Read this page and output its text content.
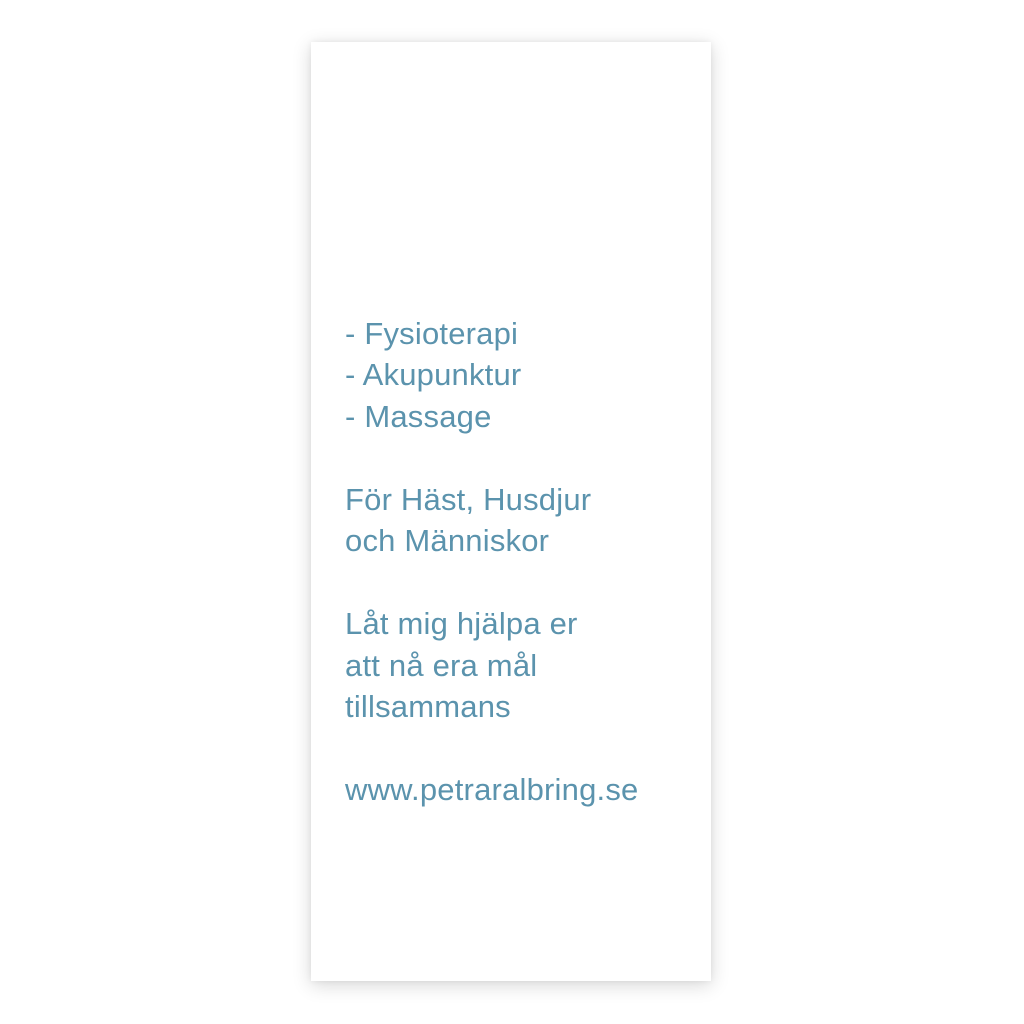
- Fysioterapi
- Akupunktur
- Massage

För Häst, Husdjur
och Människor

Låt mig hjälpa er
att nå era mål
tillsammans

www.petraralbring.se
